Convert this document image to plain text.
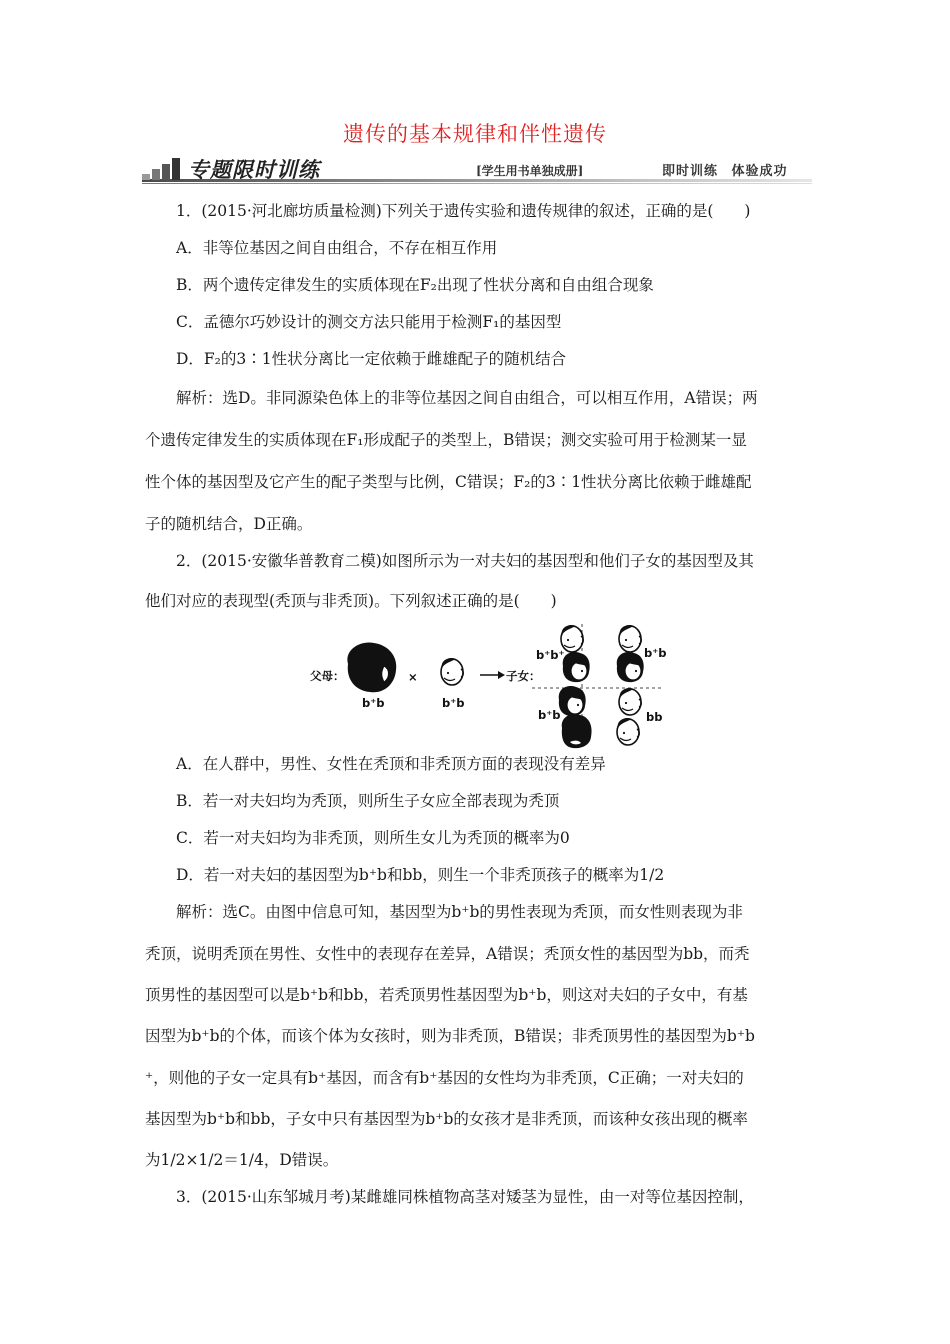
遗传的基本规律和伴性遗传
专题限时训练	[学生用书单独成册]	即时训练 体验成功
1．(2015·河北廊坊质量检测)下列关于遗传实验和遗传规律的叙述，正确的是(　　)
A．非等位基因之间自由组合，不存在相互作用
B．两个遗传定律发生的实质体现在F₂出现了性状分离和自由组合现象
C．孟德尔巧妙设计的测交方法只能用于检测F₁的基因型
D．F₂的3∶1性状分离比一定依赖于雌雄配子的随机结合
解析：选D。非同源染色体上的非等位基因之间自由组合，可以相互作用，A错误；两
个遗传定律发生的实质体现在F₁形成配子的类型上，B错误；测交实验可用于检测某一显
性个体的基因型及它产生的配子类型与比例，C错误；F₂的3∶1性状分离比依赖于雌雄配
子的随机结合，D正确。
2．(2015·安徽华普教育二模)如图所示为一对夫妇的基因型和他们子女的基因型及其
他们对应的表现型(秃顶与非秃顶)。下列叙述正确的是(　　)
A．在人群中，男性、女性在秃顶和非秃顶方面的表现没有差异
B．若一对夫妇均为秃顶，则所生子女应全部表现为秃顶
C．若一对夫妇均为非秃顶，则所生女儿为秃顶的概率为0
D．若一对夫妇的基因型为b⁺b和bb，则生一个非秃顶孩子的概率为1/2
解析：选C。由图中信息可知，基因型为b⁺b的男性表现为秃顶，而女性则表现为非
秃顶，说明秃顶在男性、女性中的表现存在差异，A错误；秃顶女性的基因型为bb，而秃
顶男性的基因型可以是b⁺b和bb，若秃顶男性基因型为b⁺b，则这对夫妇的子女中，有基
因型为b⁺b的个体，而该个体为女孩时，则为非秃顶，B错误；非秃顶男性的基因型为b⁺b
⁺，则他的子女一定具有b⁺基因，而含有b⁺基因的女性均为非秃顶，C正确；一对夫妇的
基因型为b⁺b和bb，子女中只有基因型为b⁺b的女孩才是非秃顶，而该种女孩出现的概率
为1/2×1/2＝1/4，D错误。
3．(2015·山东邹城月考)某雌雄同株植物高茎对矮茎为显性，由一对等位基因控制，
父母：
b⁺b
×
b⁺b
子女：
b⁺b⁺	b⁺b
b⁺b	bb
